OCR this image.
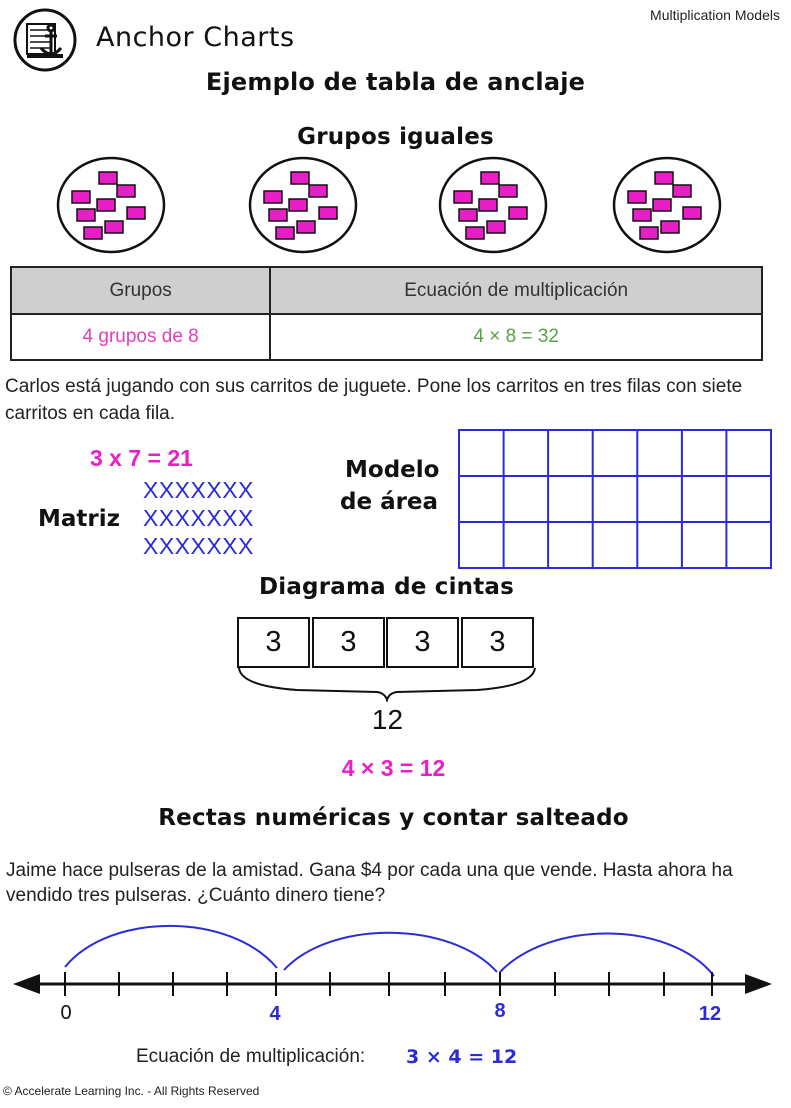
Anchor Charts
Multiplication Models
Ejemplo de tabla de anclaje
Grupos iguales
Grupos	Ecuación de multiplicación
4 grupos de 8	4 × 8 = 32
Carlos está jugando con sus carritos de juguete. Pone los carritos en tres filas con siete carritos en cada fila.
3 x 7 = 21
Matriz
XXXXXXX
XXXXXXX
XXXXXXX
Modelo
de área
Diagrama de cintas
3	3	3	3
12
4 × 3 = 12
Rectas numéricas y contar salteado
Jaime hace pulseras de la amistad. Gana $4 por cada una que vende. Hasta ahora ha vendido tres pulseras. ¿Cuánto dinero tiene?
0	4	8	12
Ecuación de multiplicación: 3 × 4 = 12
© Accelerate Learning Inc. - All Rights Reserved
